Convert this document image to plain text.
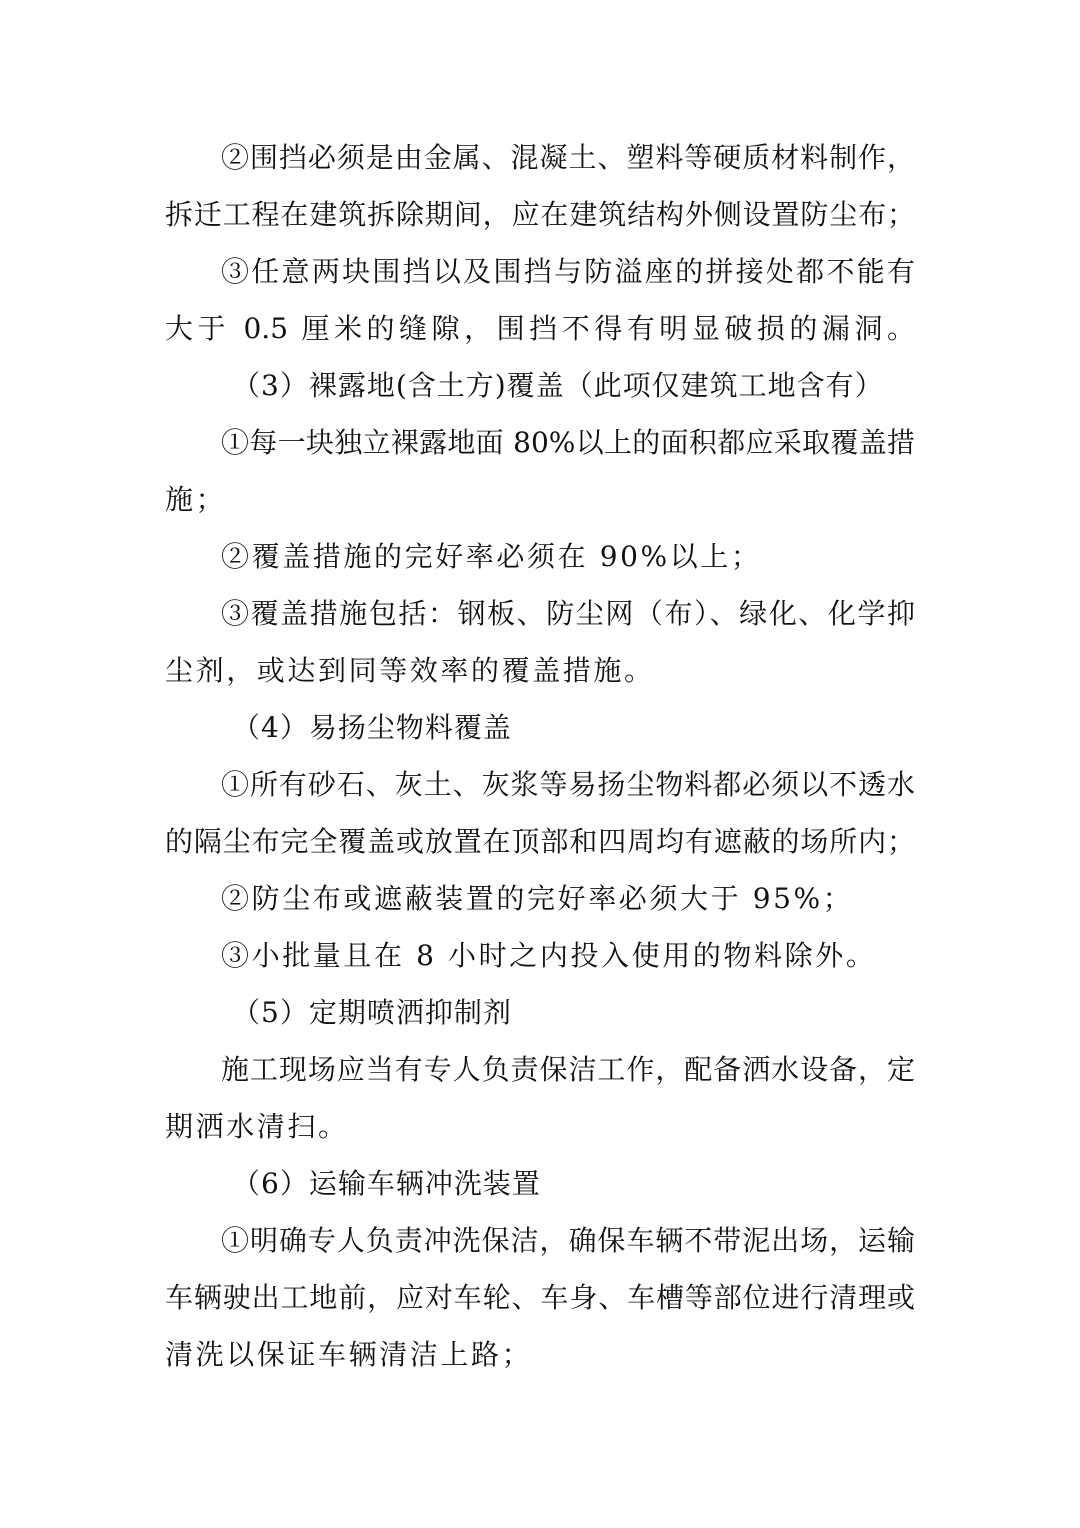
②围挡必须是由金属、混凝土、塑料等硬质材料制作，

拆迁工程在建筑拆除期间，应在建筑结构外侧设置防尘布；

③任意两块围挡以及围挡与防溢座的拼接处都不能有

大于 0.5 厘米的缝隙，围挡不得有明显破损的漏洞。

（3）裸露地(含土方)覆盖（此项仅建筑工地含有）

①每一块独立裸露地面 80%以上的面积都应采取覆盖措

施；

②覆盖措施的完好率必须在 90%以上；

③覆盖措施包括：钢板、防尘网（布）、绿化、化学抑

尘剂，或达到同等效率的覆盖措施。

（4）易扬尘物料覆盖

①所有砂石、灰土、灰浆等易扬尘物料都必须以不透水

的隔尘布完全覆盖或放置在顶部和四周均有遮蔽的场所内；

②防尘布或遮蔽装置的完好率必须大于 95%；

③小批量且在 8 小时之内投入使用的物料除外。

（5）定期喷洒抑制剂

施工现场应当有专人负责保洁工作，配备洒水设备，定

期洒水清扫。

（6）运输车辆冲洗装置

①明确专人负责冲洗保洁，确保车辆不带泥出场，运输

车辆驶出工地前，应对车轮、车身、车槽等部位进行清理或

清洗以保证车辆清洁上路；
